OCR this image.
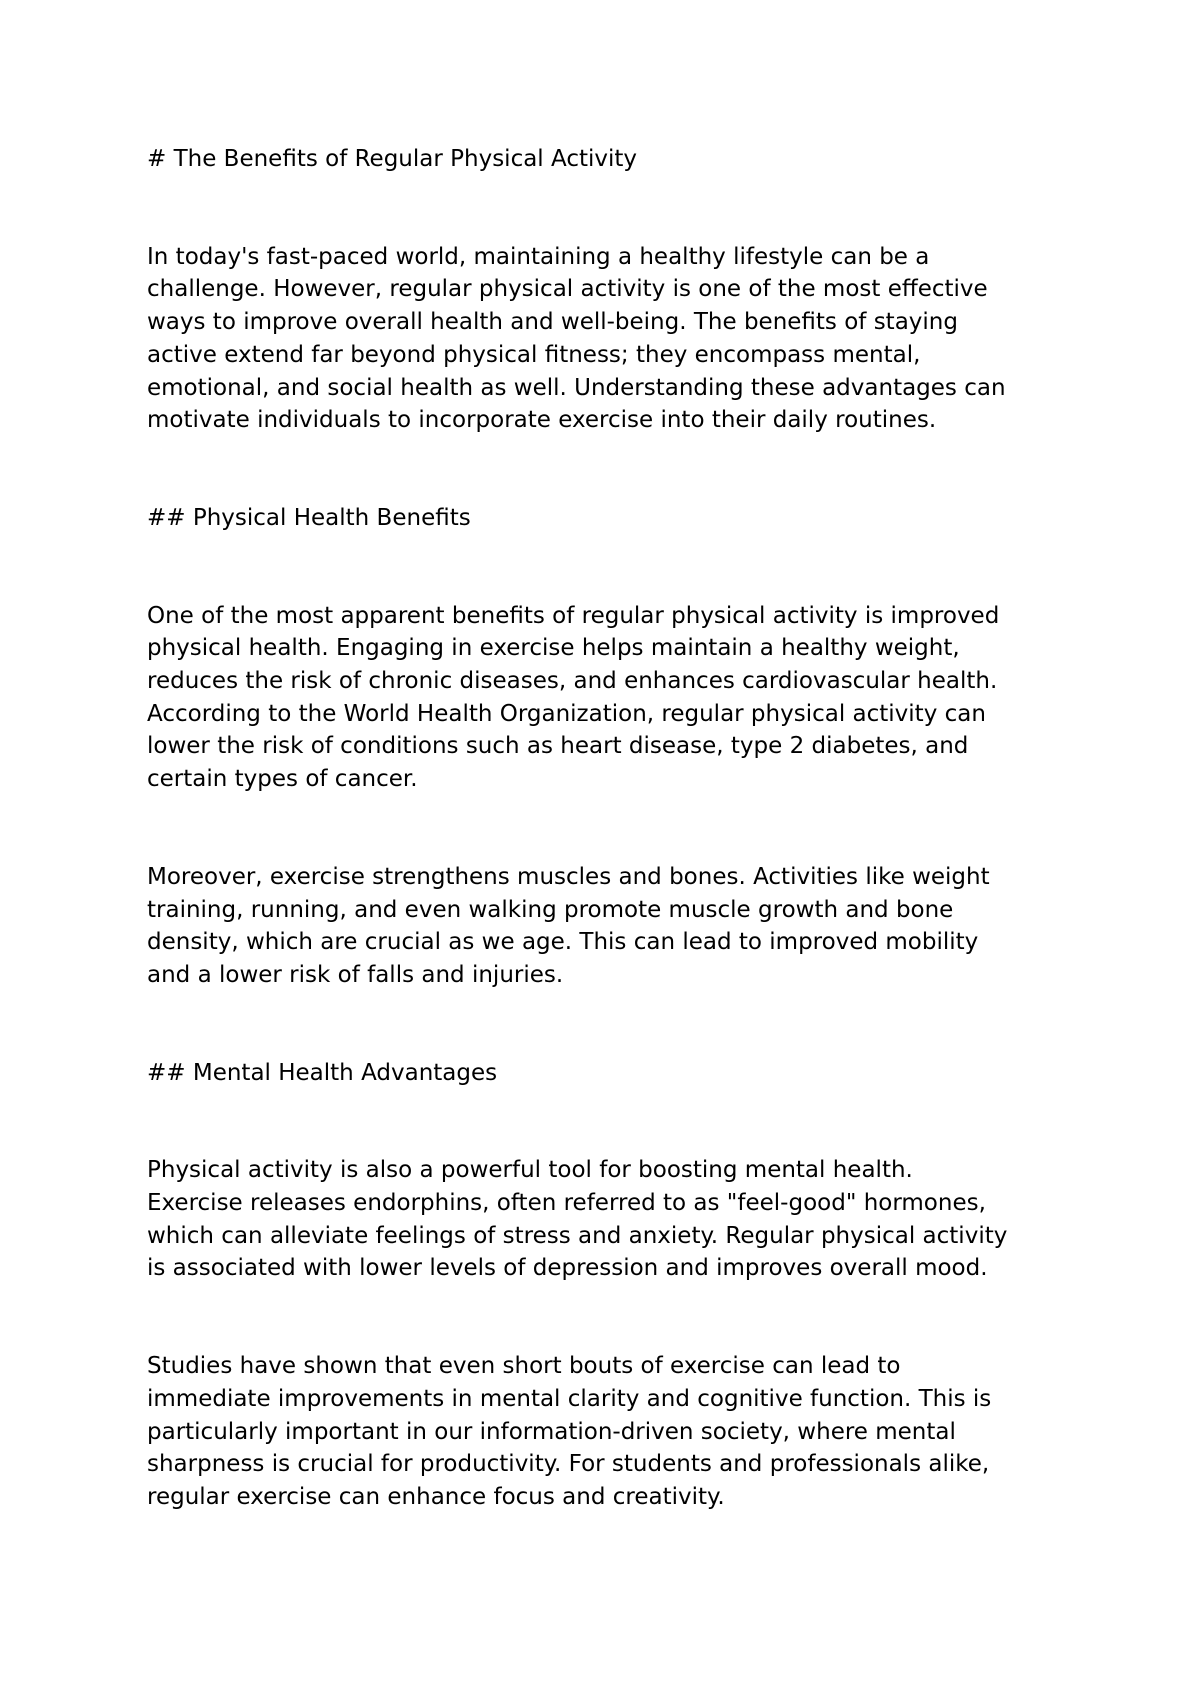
# The Benefits of Regular Physical Activity

In today's fast-paced world, maintaining a healthy lifestyle can be a
challenge. However, regular physical activity is one of the most effective
ways to improve overall health and well-being. The benefits of staying
active extend far beyond physical fitness; they encompass mental,
emotional, and social health as well. Understanding these advantages can
motivate individuals to incorporate exercise into their daily routines.

## Physical Health Benefits

One of the most apparent benefits of regular physical activity is improved
physical health. Engaging in exercise helps maintain a healthy weight,
reduces the risk of chronic diseases, and enhances cardiovascular health.
According to the World Health Organization, regular physical activity can
lower the risk of conditions such as heart disease, type 2 diabetes, and
certain types of cancer.

Moreover, exercise strengthens muscles and bones. Activities like weight
training, running, and even walking promote muscle growth and bone
density, which are crucial as we age. This can lead to improved mobility
and a lower risk of falls and injuries.

## Mental Health Advantages

Physical activity is also a powerful tool for boosting mental health.
Exercise releases endorphins, often referred to as "feel-good" hormones,
which can alleviate feelings of stress and anxiety. Regular physical activity
is associated with lower levels of depression and improves overall mood.

Studies have shown that even short bouts of exercise can lead to
immediate improvements in mental clarity and cognitive function. This is
particularly important in our information-driven society, where mental
sharpness is crucial for productivity. For students and professionals alike,
regular exercise can enhance focus and creativity.
